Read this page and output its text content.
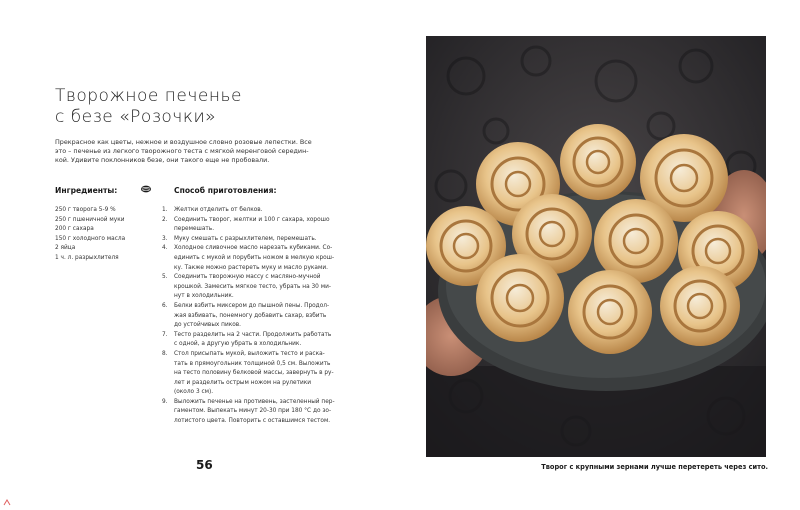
Творожное печенье
с безе «Розочки»
Прекрасное как цветы, нежное и воздушное словно розовые лепестки. Все
это – печенье из легкого творожного теста с мягкой меренговой середин-
кой. Удивите поклонников безе, они такого еще не пробовали.
Ингредиенты:
250 г творога 5-9 %
250 г пшеничной муки
200 г сахара
150 г холодного масла
2 яйца
1 ч. л. разрыхлителя
Способ приготовления:
1. Желтки отделить от белков.
2. Соединить творог, желтки и 100 г сахара, хорошо
перемешать.
3. Муку смешать с разрыхлителем, перемешать.
4. Холодное сливочное масло нарезать кубиками. Со-
единить с мукой и порубить ножом в мелкую крош-
ку. Также можно растереть муку и масло руками.
5. Соединить творожную массу с масляно-мучной
крошкой. Замесить мягкое тесто, убрать на 30 ми-
нут в холодильник.
6. Белки взбить миксером до пышной пены. Продол-
жая взбивать, понемногу добавить сахар, взбить
до устойчивых пиков.
7. Тесто разделить на 2 части. Продолжить работать
с одной, а другую убрать в холодильник.
8. Стол присыпать мукой, выложить тесто и раска-
тать в прямоугольник толщиной 0,5 см. Выложить
на тесто половину белковой массы, завернуть в ру-
лет и разделить острым ножом на рулетики
(около 3 см).
9. Выложить печенье на противень, застеленный пер-
гаментом. Выпекать минут 20-30 при 180 °С до зо-
лотистого цвета. Повторить с оставшимся тестом.
56	Творог с крупными зернами лучше перетереть через сито.
